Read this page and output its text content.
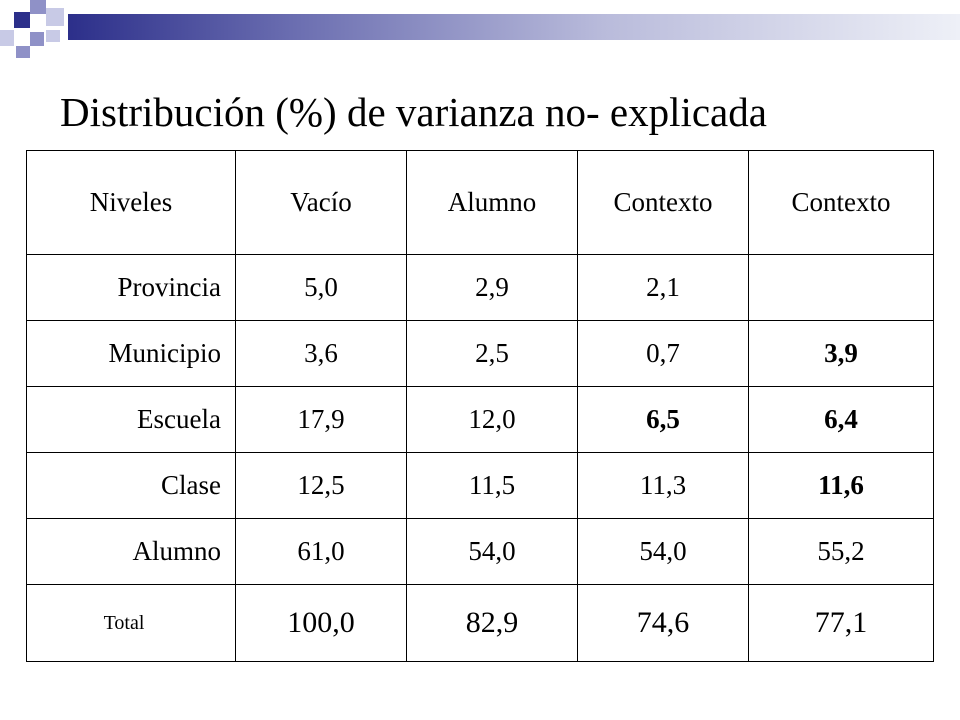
Distribución (%) de varianza no- explicada
Niveles	Vacío	Alumno	Contexto	Contexto
Provincia	5,0	2,9	2,1	
Municipio	3,6	2,5	0,7	3,9
Escuela	17,9	12,0	6,5	6,4
Clase	12,5	11,5	11,3	11,6
Alumno	61,0	54,0	54,0	55,2
Total	100,0	82,9	74,6	77,1
